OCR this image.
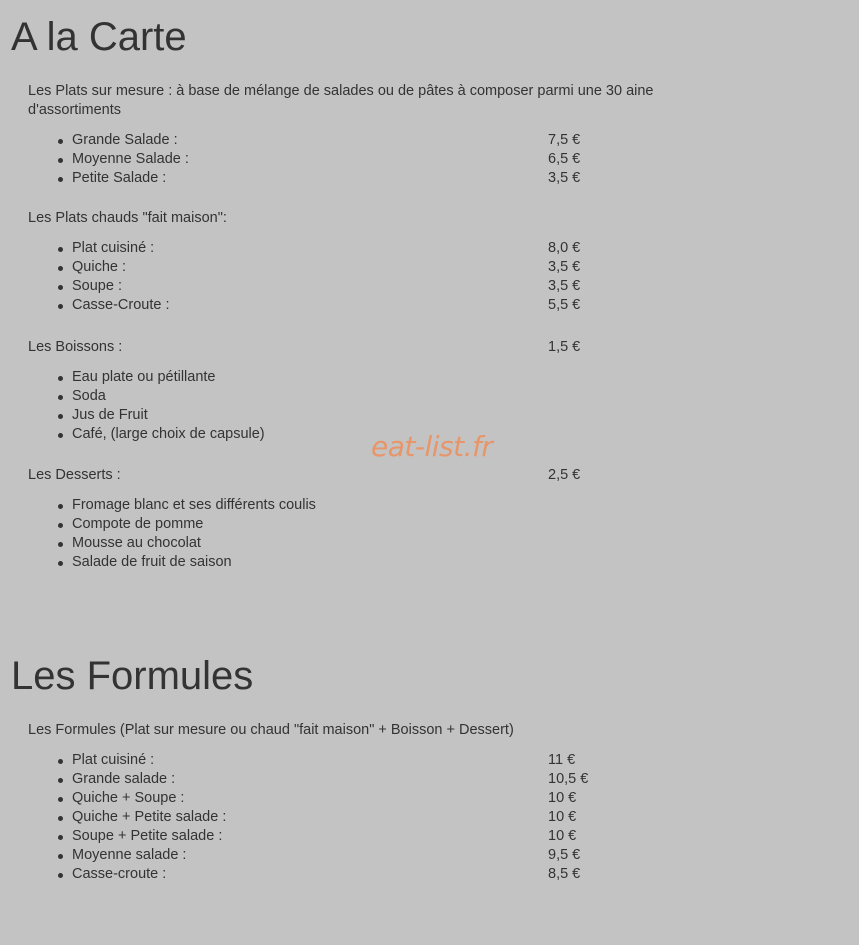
A la Carte
Les Plats sur mesure : à base de mélange de salades ou de pâtes à composer parmi une 30 aine d'assortiments
Grande Salade :	7,5 €
Moyenne Salade :	6,5 €
Petite Salade :	3,5 €
Les Plats chauds "fait maison":
Plat cuisiné :	8,0 €
Quiche :	3,5 €
Soupe :	3,5 €
Casse-Croute :	5,5 €
Les Boissons :	1,5 €
Eau plate ou pétillante
Soda
Jus de Fruit
Café, (large choix de capsule)
Les Desserts :	2,5 €
Fromage blanc et ses différents coulis
Compote de pomme
Mousse au chocolat
Salade de fruit de saison
eat-list.fr
Les Formules
Les Formules (Plat sur mesure ou chaud "fait maison" + Boisson + Dessert)
Plat cuisiné :	11 €
Grande salade :	10,5 €
Quiche + Soupe :	10 €
Quiche + Petite salade :	10 €
Soupe + Petite salade :	10 €
Moyenne salade :	9,5 €
Casse-croute :	8,5 €
